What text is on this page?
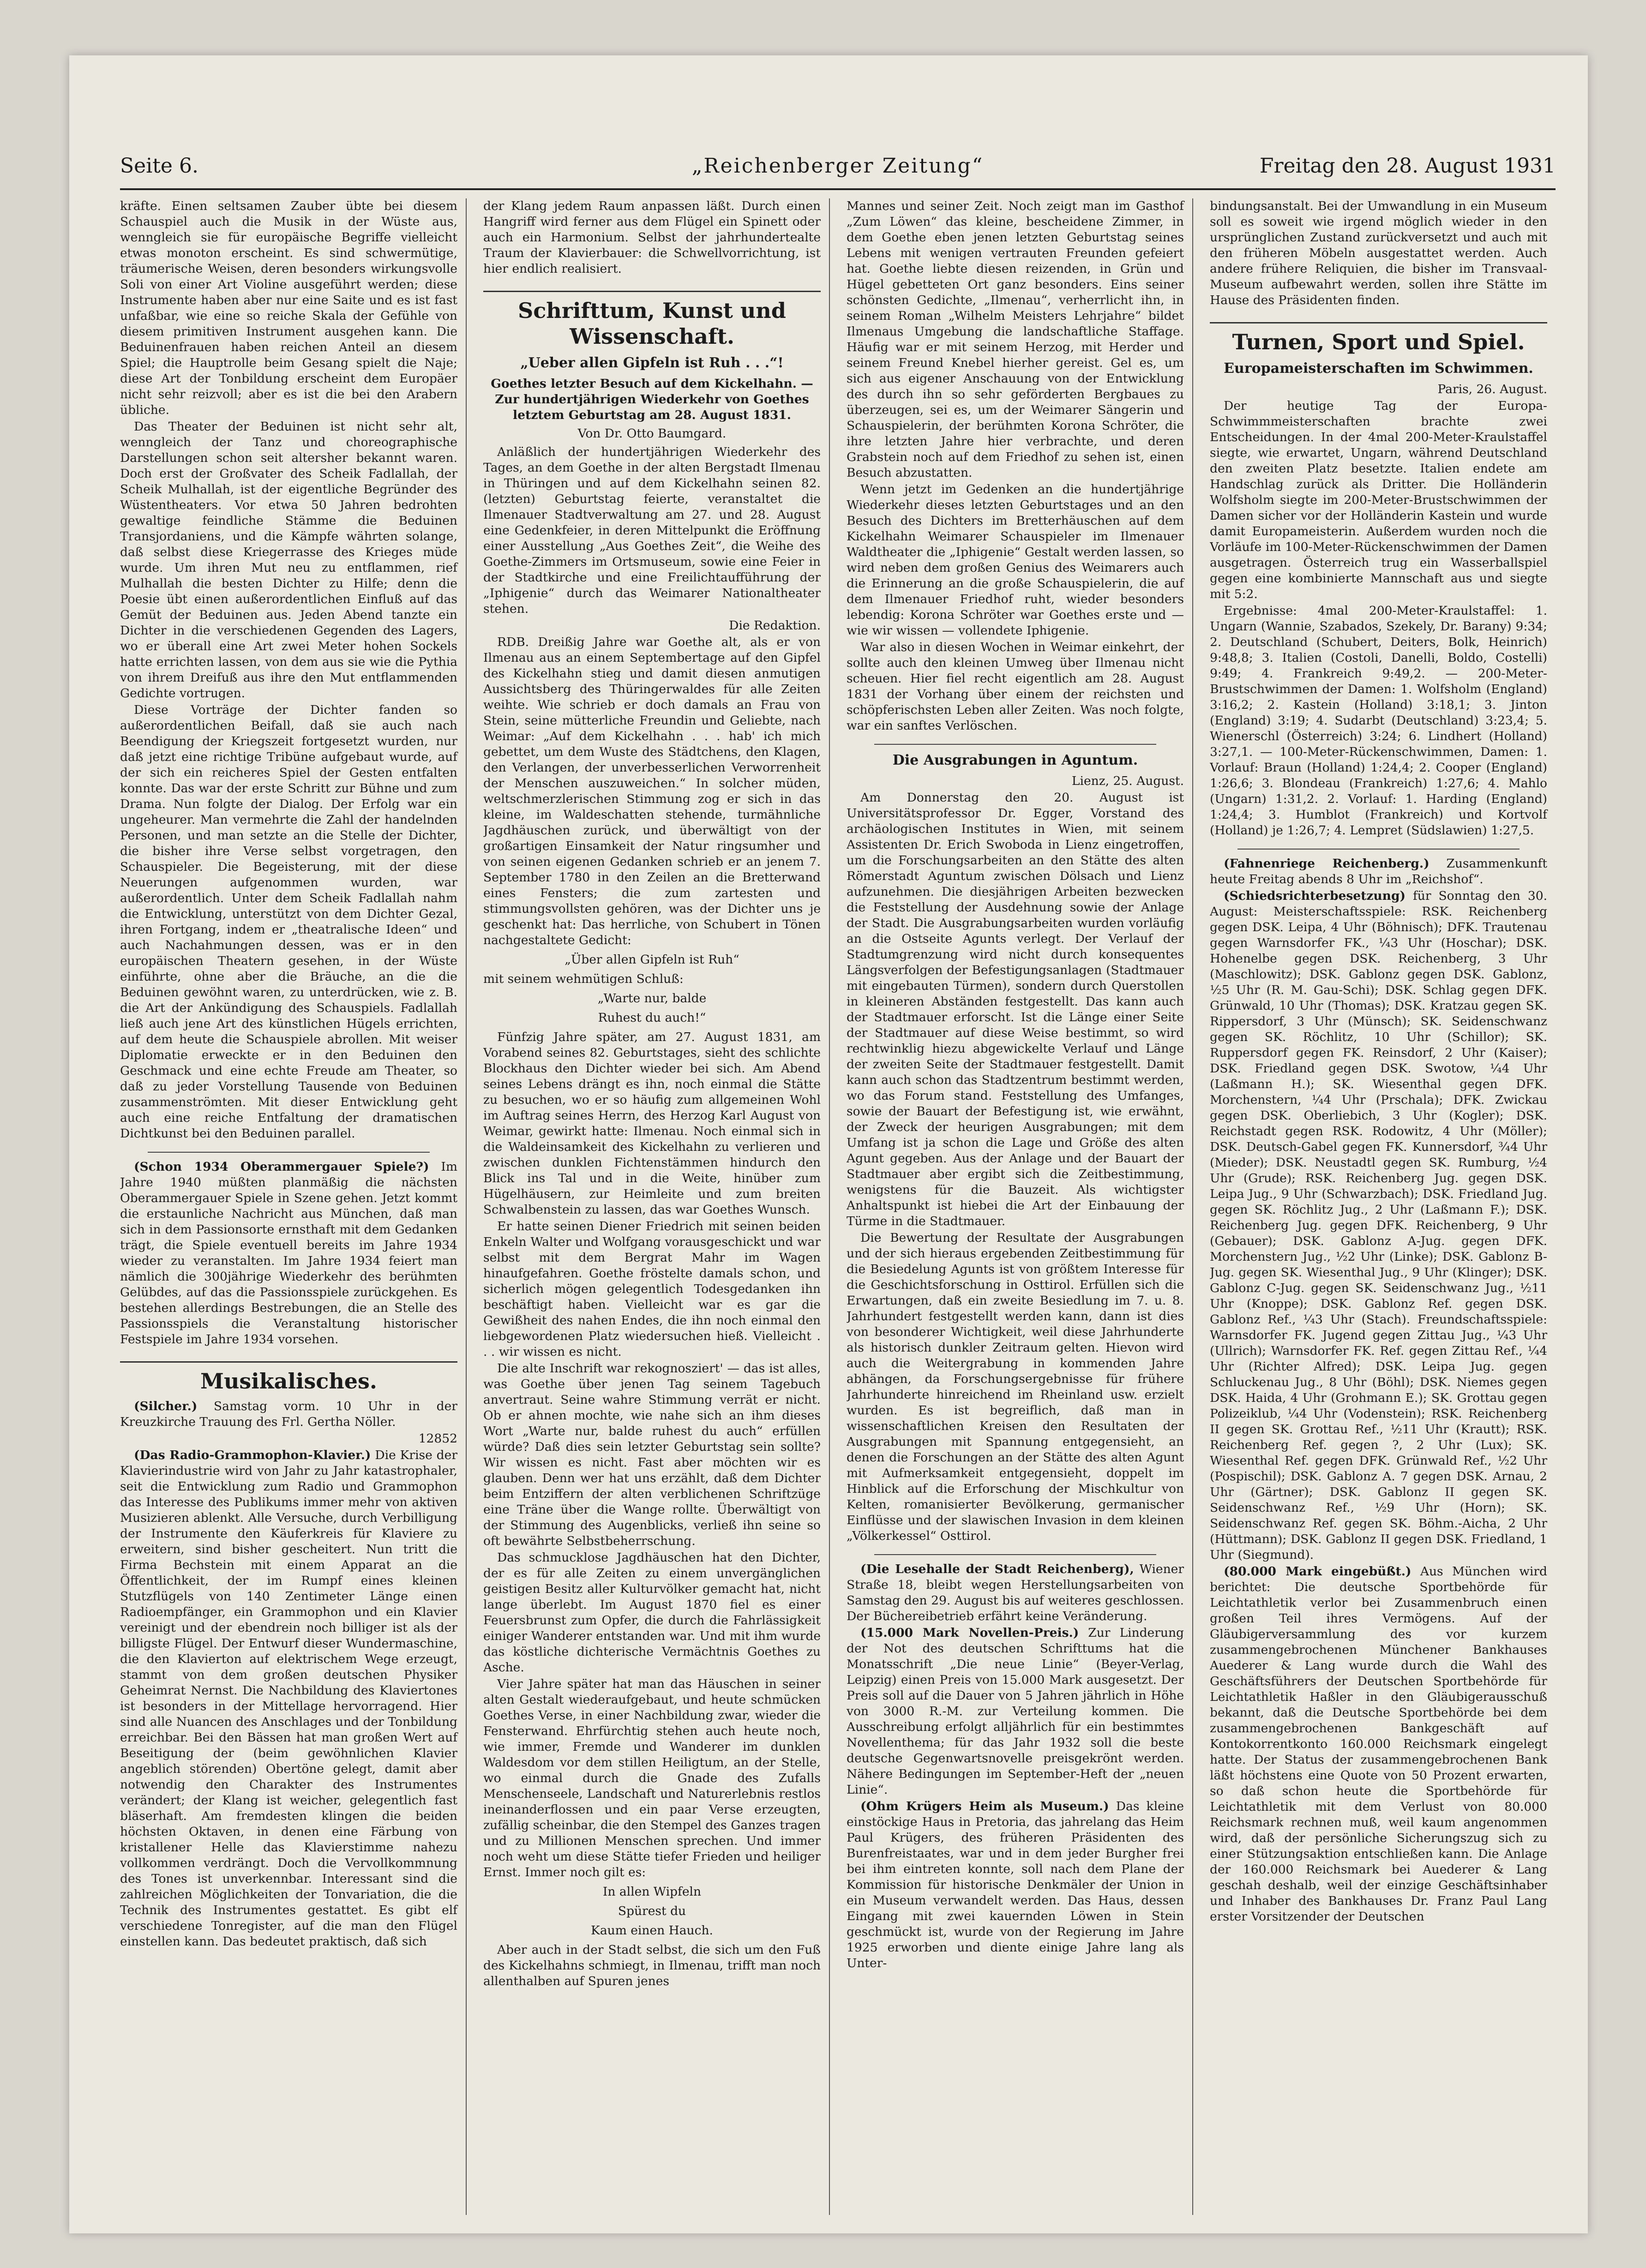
Seite 6.	„Reichenberger Zeitung“	Freitag den 28. August 1931

kräfte. Einen seltsamen Zauber übte bei diesem Schauspiel auch die Musik in der Wüste aus, wenngleich sie für europäische Begriffe vielleicht etwas monoton erscheint. Es sind schwermütige, träumerische Weisen, deren besonders wirkungsvolle Soli von einer Art Violine ausgeführt werden; diese Instrumente haben aber nur eine Saite und es ist fast unfaßbar, wie eine so reiche Skala der Gefühle von diesem primitiven Instrument ausgehen kann. Die Beduinenfrauen haben reichen Anteil an diesem Spiel; die Hauptrolle beim Gesang spielt die Naje; diese Art der Tonbildung erscheint dem Europäer nicht sehr reizvoll; aber es ist die bei den Arabern übliche.

Das Theater der Beduinen ist nicht sehr alt, wenngleich der Tanz und choreographische Darstellungen schon seit altersher bekannt waren. Doch erst der Großvater des Scheik Fadlallah, der Scheik Mulhallah, ist der eigentliche Begründer des Wüstentheaters. Vor etwa 50 Jahren bedrohten gewaltige feindliche Stämme die Beduinen Transjordaniens, und die Kämpfe währten solange, daß selbst diese Kriegerrasse des Krieges müde wurde. Um ihren Mut neu zu entflammen, rief Mulhallah die besten Dichter zu Hilfe; denn die Poesie übt einen außerordentlichen Einfluß auf das Gemüt der Beduinen aus. Jeden Abend tanzte ein Dichter in die verschiedenen Gegenden des Lagers, wo er überall eine Art zwei Meter hohen Sockels hatte errichten lassen, von dem aus sie wie die Pythia von ihrem Dreifuß aus ihre den Mut entflammenden Gedichte vortrugen.

Diese Vorträge der Dichter fanden so außerordentlichen Beifall, daß sie auch nach Beendigung der Kriegszeit fortgesetzt wurden, nur daß jetzt eine richtige Tribüne aufgebaut wurde, auf der sich ein reicheres Spiel der Gesten entfalten konnte. Das war der erste Schritt zur Bühne und zum Drama. Nun folgte der Dialog. Der Erfolg war ein ungeheurer. Man vermehrte die Zahl der handelnden Personen, und man setzte an die Stelle der Dichter, die bisher ihre Verse selbst vorgetragen, den Schauspieler. Die Begeisterung, mit der diese Neuerungen aufgenommen wurden, war außerordentlich. Unter dem Scheik Fadlallah nahm die Entwicklung, unterstützt von dem Dichter Gezal, ihren Fortgang, indem er „theatralische Ideen“ und auch Nachahmungen dessen, was er in den europäischen Theatern gesehen, in der Wüste einführte, ohne aber die Bräuche, an die die Beduinen gewöhnt waren, zu unterdrücken, wie z. B. die Art der Ankündigung des Schauspiels. Fadlallah ließ auch jene Art des künstlichen Hügels errichten, auf dem heute die Schauspiele abrollen. Mit weiser Diplomatie erweckte er in den Beduinen den Geschmack und eine echte Freude am Theater, so daß zu jeder Vorstellung Tausende von Beduinen zusammenströmten. Mit dieser Entwicklung geht auch eine reiche Entfaltung der dramatischen Dichtkunst bei den Beduinen parallel.

(Schon 1934 Oberammergauer Spiele?) Im Jahre 1940 müßten planmäßig die nächsten Oberammergauer Spiele in Szene gehen. Jetzt kommt die erstaunliche Nachricht aus München, daß man sich in dem Passionsorte ernsthaft mit dem Gedanken trägt, die Spiele eventuell bereits im Jahre 1934 wieder zu veranstalten. Im Jahre 1934 feiert man nämlich die 300jährige Wiederkehr des berühmten Gelübdes, auf das die Passionsspiele zurückgehen. Es bestehen allerdings Bestrebungen, die an Stelle des Passionsspiels die Veranstaltung historischer Festspiele im Jahre 1934 vorsehen.

Musikalisches.

(Silcher.) Samstag vorm. 10 Uhr in der Kreuzkirche Trauung des Frl. Gertha Nöller.

12852

(Das Radio-Grammophon-Klavier.) Die Krise der Klavierindustrie wird von Jahr zu Jahr katastrophaler, seit die Entwicklung zum Radio und Grammophon das Interesse des Publikums immer mehr von aktiven Musizieren ablenkt. Alle Versuche, durch Verbilligung der Instrumente den Käuferkreis für Klaviere zu erweitern, sind bisher gescheitert. Nun tritt die Firma Bechstein mit einem Apparat an die Öffentlichkeit, der im Rumpf eines kleinen Stutzflügels von 140 Zentimeter Länge einen Radioempfänger, ein Grammophon und ein Klavier vereinigt und der ebendrein noch billiger ist als der billigste Flügel. Der Entwurf dieser Wundermaschine, die den Klavierton auf elektrischem Wege erzeugt, stammt von dem großen deutschen Physiker Geheimrat Nernst. Die Nachbildung des Klaviertones ist besonders in der Mittellage hervorragend. Hier sind alle Nuancen des Anschlages und der Tonbildung erreichbar. Bei den Bässen hat man großen Wert auf Beseitigung der (beim gewöhnlichen Klavier angeblich störenden) Obertöne gelegt, damit aber notwendig den Charakter des Instrumentes verändert; der Klang ist weicher, gelegentlich fast bläserhaft. Am fremdesten klingen die beiden höchsten Oktaven, in denen eine Färbung von kristallener Helle das Klavierstimme nahezu vollkommen verdrängt. Doch die Vervollkommnung des Tones ist unverkennbar. Interessant sind die zahlreichen Möglichkeiten der Tonvariation, die die Technik des Instrumentes gestattet. Es gibt elf verschiedene Tonregister, auf die man den Flügel einstellen kann. Das bedeutet praktisch, daß sich

der Klang jedem Raum anpassen läßt. Durch einen Hangriff wird ferner aus dem Flügel ein Spinett oder auch ein Harmonium. Selbst der jahrhundertealte Traum der Klavierbauer: die Schwellvorrichtung, ist hier endlich realisiert.

Schrifttum, Kunst und Wissenschaft.
„Ueber allen Gipfeln ist Ruh . . .“!

Goethes letzter Besuch auf dem Kickelhahn. — Zur hundertjährigen Wiederkehr von Goethes letztem Geburtstag am 28. August 1831.

Von Dr. Otto Baumgard.

Anläßlich der hundertjährigen Wiederkehr des Tages, an dem Goethe in der alten Bergstadt Ilmenau in Thüringen und auf dem Kickelhahn seinen 82. (letzten) Geburtstag feierte, veranstaltet die Ilmenauer Stadtverwaltung am 27. und 28. August eine Gedenkfeier, in deren Mittelpunkt die Eröffnung einer Ausstellung „Aus Goethes Zeit“, die Weihe des Goethe-Zimmers im Ortsmuseum, sowie eine Feier in der Stadtkirche und eine Freilichtaufführung der „Iphigenie“ durch das Weimarer Nationaltheater stehen.

Die Redaktion.

RDB. Dreißig Jahre war Goethe alt, als er von Ilmenau aus an einem Septembertage auf den Gipfel des Kickelhahn stieg und damit diesen anmutigen Aussichtsberg des Thüringerwaldes für alle Zeiten weihte. Wie schrieb er doch damals an Frau von Stein, seine mütterliche Freundin und Geliebte, nach Weimar: „Auf dem Kickelhahn . . . hab' ich mich gebettet, um dem Wuste des Städtchens, den Klagen, den Verlangen, der unverbesserlichen Verworrenheit der Menschen auszuweichen.“ In solcher müden, weltschmerzlerischen Stimmung zog er sich in das kleine, im Waldeschatten stehende, turmähnliche Jagdhäuschen zurück, und überwältigt von der großartigen Einsamkeit der Natur ringsumher und von seinen eigenen Gedanken schrieb er an jenem 7. September 1780 in den Zeilen an die Bretterwand eines Fensters; die zum zartesten und stimmungsvollsten gehören, was der Dichter uns je geschenkt hat: Das herrliche, von Schubert in Tönen nachgestaltete Gedicht:

„Über allen Gipfeln ist Ruh“

mit seinem wehmütigen Schluß:

„Warte nur, balde

Ruhest du auch!“

Fünfzig Jahre später, am 27. August 1831, am Vorabend seines 82. Geburtstages, sieht des schlichte Blockhaus den Dichter wieder bei sich. Am Abend seines Lebens drängt es ihn, noch einmal die Stätte zu besuchen, wo er so häufig zum allgemeinen Wohl im Auftrag seines Herrn, des Herzog Karl August von Weimar, gewirkt hatte: Ilmenau. Noch einmal sich in die Waldeinsamkeit des Kickelhahn zu verlieren und zwischen dunklen Fichtenstämmen hindurch den Blick ins Tal und in die Weite, hinüber zum Hügelhäusern, zur Heimleite und zum breiten Schwalbenstein zu lassen, das war Goethes Wunsch.

Er hatte seinen Diener Friedrich mit seinen beiden Enkeln Walter und Wolfgang vorausgeschickt und war selbst mit dem Bergrat Mahr im Wagen hinaufgefahren. Goethe fröstelte damals schon, und sicherlich mögen gelegentlich Todesgedanken ihn beschäftigt haben. Vielleicht war es gar die Gewißheit des nahen Endes, die ihn noch einmal den liebgewordenen Platz wiedersuchen hieß. Vielleicht . . . wir wissen es nicht.

Die alte Inschrift war rekognosziert' — das ist alles, was Goethe über jenen Tag seinem Tagebuch anvertraut. Seine wahre Stimmung verrät er nicht. Ob er ahnen mochte, wie nahe sich an ihm dieses Wort „Warte nur, balde ruhest du auch“ erfüllen würde? Daß dies sein letzter Geburtstag sein sollte? Wir wissen es nicht. Fast aber möchten wir es glauben. Denn wer hat uns erzählt, daß dem Dichter beim Entziffern der alten verblichenen Schriftzüge eine Träne über die Wange rollte. Überwältigt von der Stimmung des Augenblicks, verließ ihn seine so oft bewährte Selbstbeherrschung.

Das schmucklose Jagdhäuschen hat den Dichter, der es für alle Zeiten zu einem unvergänglichen geistigen Besitz aller Kulturvölker gemacht hat, nicht lange überlebt. Im August 1870 fiel es einer Feuersbrunst zum Opfer, die durch die Fahrlässigkeit einiger Wanderer entstanden war. Und mit ihm wurde das köstliche dichterische Vermächtnis Goethes zu Asche.

Vier Jahre später hat man das Häuschen in seiner alten Gestalt wiederaufgebaut, und heute schmücken Goethes Verse, in einer Nachbildung zwar, wieder die Fensterwand. Ehrfürchtig stehen auch heute noch, wie immer, Fremde und Wanderer im dunklen Waldesdom vor dem stillen Heiligtum, an der Stelle, wo einmal durch die Gnade des Zufalls Menschenseele, Landschaft und Naturerlebnis restlos ineinanderflossen und ein paar Verse erzeugten, zufällig scheinbar, die den Stempel des Ganzes tragen und zu Millionen Menschen sprechen. Und immer noch weht um diese Stätte tiefer Frieden und heiliger Ernst. Immer noch gilt es:

In allen Wipfeln

Spürest du

Kaum einen Hauch.

Aber auch in der Stadt selbst, die sich um den Fuß des Kickelhahns schmiegt, in Ilmenau, trifft man noch allenthalben auf Spuren jenes

Mannes und seiner Zeit. Noch zeigt man im Gasthof „Zum Löwen“ das kleine, bescheidene Zimmer, in dem Goethe eben jenen letzten Geburtstag seines Lebens mit wenigen vertrauten Freunden gefeiert hat. Goethe liebte diesen reizenden, in Grün und Hügel gebetteten Ort ganz besonders. Eins seiner schönsten Gedichte, „Ilmenau“, verherrlicht ihn, in seinem Roman „Wilhelm Meisters Lehrjahre“ bildet Ilmenaus Umgebung die landschaftliche Staffage. Häufig war er mit seinem Herzog, mit Herder und seinem Freund Knebel hierher gereist. Gel es, um sich aus eigener Anschauung von der Entwicklung des durch ihn so sehr geförderten Bergbaues zu überzeugen, sei es, um der Weimarer Sängerin und Schauspielerin, der berühmten Korona Schröter, die ihre letzten Jahre hier verbrachte, und deren Grabstein noch auf dem Friedhof zu sehen ist, einen Besuch abzustatten.

Wenn jetzt im Gedenken an die hundertjährige Wiederkehr dieses letzten Geburtstages und an den Besuch des Dichters im Bretterhäuschen auf dem Kickelhahn Weimarer Schauspieler im Ilmenauer Waldtheater die „Iphigenie“ Gestalt werden lassen, so wird neben dem großen Genius des Weimarers auch die Erinnerung an die große Schauspielerin, die auf dem Ilmenauer Friedhof ruht, wieder besonders lebendig: Korona Schröter war Goethes erste und — wie wir wissen — vollendete Iphigenie.

War also in diesen Wochen in Weimar einkehrt, der sollte auch den kleinen Umweg über Ilmenau nicht scheuen. Hier fiel recht eigentlich am 28. August 1831 der Vorhang über einem der reichsten und schöpferischsten Leben aller Zeiten. Was noch folgte, war ein sanftes Verlöschen.

Die Ausgrabungen in Aguntum.

Lienz, 25. August.

Am Donnerstag den 20. August ist Universitätsprofessor Dr. Egger, Vorstand des archäologischen Institutes in Wien, mit seinem Assistenten Dr. Erich Swoboda in Lienz eingetroffen, um die Forschungsarbeiten an den Stätte des alten Römerstadt Aguntum zwischen Dölsach und Lienz aufzunehmen. Die diesjährigen Arbeiten bezwecken die Feststellung der Ausdehnung sowie der Anlage der Stadt. Die Ausgrabungsarbeiten wurden vorläufig an die Ostseite Agunts verlegt. Der Verlauf der Stadtumgrenzung wird nicht durch konsequentes Längsverfolgen der Befestigungsanlagen (Stadtmauer mit eingebauten Türmen), sondern durch Querstollen in kleineren Abständen festgestellt. Das kann auch der Stadtmauer erforscht. Ist die Länge einer Seite der Stadtmauer auf diese Weise bestimmt, so wird rechtwinklig hiezu abgewickelte Verlauf und Länge der zweiten Seite der Stadtmauer festgestellt. Damit kann auch schon das Stadtzentrum bestimmt werden, wo das Forum stand. Feststellung des Umfanges, sowie der Bauart der Befestigung ist, wie erwähnt, der Zweck der heurigen Ausgrabungen; mit dem Umfang ist ja schon die Lage und Größe des alten Agunt gegeben. Aus der Anlage und der Bauart der Stadtmauer aber ergibt sich die Zeitbestimmung, wenigstens für die Bauzeit. Als wichtigster Anhaltspunkt ist hiebei die Art der Einbauung der Türme in die Stadtmauer.

Die Bewertung der Resultate der Ausgrabungen und der sich hieraus ergebenden Zeitbestimmung für die Besiedelung Agunts ist von größtem Interesse für die Geschichtsforschung in Osttirol. Erfüllen sich die Erwartungen, daß ein zweite Besiedlung im 7. u. 8. Jahrhundert festgestellt werden kann, dann ist dies von besonderer Wichtigkeit, weil diese Jahrhunderte als historisch dunkler Zeitraum gelten. Hievon wird auch die Weitergrabung in kommenden Jahre abhängen, da Forschungsergebnisse für frühere Jahrhunderte hinreichend im Rheinland usw. erzielt wurden. Es ist begreiflich, daß man in wissenschaftlichen Kreisen den Resultaten der Ausgrabungen mit Spannung entgegensieht, an denen die Forschungen an der Stätte des alten Agunt mit Aufmerksamkeit entgegensieht, doppelt im Hinblick auf die Erforschung der Mischkultur von Kelten, romanisierter Bevölkerung, germanischer Einflüsse und der slawischen Invasion in dem kleinen „Völkerkessel“ Osttirol.

(Die Lesehalle der Stadt Reichenberg), Wiener Straße 18, bleibt wegen Herstellungsarbeiten von Samstag den 29. August bis auf weiteres geschlossen. Der Büchereibetrieb erfährt keine Veränderung.

(15.000 Mark Novellen-Preis.) Zur Linderung der Not des deutschen Schrifttums hat die Monatsschrift „Die neue Linie“ (Beyer-Verlag, Leipzig) einen Preis von 15.000 Mark ausgesetzt. Der Preis soll auf die Dauer von 5 Jahren jährlich in Höhe von 3000 R.-M. zur Verteilung kommen. Die Ausschreibung erfolgt alljährlich für ein bestimmtes Novellenthema; für das Jahr 1932 soll die beste deutsche Gegenwartsnovelle preisgekrönt werden. Nähere Bedingungen im September-Heft der „neuen Linie“.

(Ohm Krügers Heim als Museum.) Das kleine einstöckige Haus in Pretoria, das jahrelang das Heim Paul Krügers, des früheren Präsidenten des Burenfreistaates, war und in dem jeder Burgher frei bei ihm eintreten konnte, soll nach dem Plane der Kommission für historische Denkmäler der Union in ein Museum verwandelt werden. Das Haus, dessen Eingang mit zwei kauernden Löwen in Stein geschmückt ist, wurde von der Regierung im Jahre 1925 erworben und diente einige Jahre lang als Unter-

bindungsanstalt. Bei der Umwandlung in ein Museum soll es soweit wie irgend möglich wieder in den ursprünglichen Zustand zurückversetzt und auch mit den früheren Möbeln ausgestattet werden. Auch andere frühere Reliquien, die bisher im Transvaal-Museum aufbewahrt werden, sollen ihre Stätte im Hause des Präsidenten finden.

Turnen, Sport und Spiel.
Europameisterschaften im Schwimmen.

Paris, 26. August.

Der heutige Tag der Europa-Schwimmmeisterschaften brachte zwei Entscheidungen. In der 4mal 200-Meter-Kraulstaffel siegte, wie erwartet, Ungarn, während Deutschland den zweiten Platz besetzte. Italien endete am Handschlag zurück als Dritter. Die Holländerin Wolfsholm siegte im 200-Meter-Brustschwimmen der Damen sicher vor der Holländerin Kastein und wurde damit Europameisterin. Außerdem wurden noch die Vorläufe im 100-Meter-Rückenschwimmen der Damen ausgetragen. Österreich trug ein Wasserballspiel gegen eine kombinierte Mannschaft aus und siegte mit 5:2.

Ergebnisse: 4mal 200-Meter-Kraulstaffel: 1. Ungarn (Wannie, Szabados, Szekely, Dr. Barany) 9:34; 2. Deutschland (Schubert, Deiters, Bolk, Heinrich) 9:48,8; 3. Italien (Costoli, Danelli, Boldo, Costelli) 9:49; 4. Frankreich 9:49,2. — 200-Meter-Brustschwimmen der Damen: 1. Wolfsholm (England) 3:16,2; 2. Kastein (Holland) 3:18,1; 3. Jinton (England) 3:19; 4. Sudarbt (Deutschland) 3:23,4; 5. Wienerschl (Österreich) 3:24; 6. Lindhert (Holland) 3:27,1. — 100-Meter-Rückenschwimmen, Damen: 1. Vorlauf: Braun (Holland) 1:24,4; 2. Cooper (England) 1:26,6; 3. Blondeau (Frankreich) 1:27,6; 4. Mahlo (Ungarn) 1:31,2. 2. Vorlauf: 1. Harding (England) 1:24,4; 3. Humblot (Frankreich) und Kortvolf (Holland) je 1:26,7; 4. Lempret (Südslawien) 1:27,5.

(Fahnenriege Reichenberg.) Zusammenkunft heute Freitag abends 8 Uhr im „Reichshof“.

(Schiedsrichterbesetzung) für Sonntag den 30. August: Meisterschaftsspiele: RSK. Reichenberg gegen DSK. Leipa, 4 Uhr (Böhnisch); DFK. Trautenau gegen Warnsdorfer FK., ¼3 Uhr (Hoschar); DSK. Hohenelbe gegen DSK. Reichenberg, 3 Uhr (Maschlowitz); DSK. Gablonz gegen DSK. Gablonz, ½5 Uhr (R. M. Gau-Schi); DSK. Schlag gegen DFK. Grünwald, 10 Uhr (Thomas); DSK. Kratzau gegen SK. Rippersdorf, 3 Uhr (Münsch); SK. Seidenschwanz gegen SK. Röchlitz, 10 Uhr (Schillor); SK. Ruppersdorf gegen FK. Reinsdorf, 2 Uhr (Kaiser); DSK. Friedland gegen DSK. Swotow, ¼4 Uhr (Laßmann H.); SK. Wiesenthal gegen DFK. Morchenstern, ¼4 Uhr (Prschala); DFK. Zwickau gegen DSK. Oberliebich, 3 Uhr (Kogler); DSK. Reichstadt gegen RSK. Rodowitz, 4 Uhr (Möller); DSK. Deutsch-Gabel gegen FK. Kunnersdorf, ¾4 Uhr (Mieder); DSK. Neustadtl gegen SK. Rumburg, ½4 Uhr (Grude); RSK. Reichenberg Jug. gegen DSK. Leipa Jug., 9 Uhr (Schwarzbach); DSK. Friedland Jug. gegen SK. Röchlitz Jug., 2 Uhr (Laßmann F.); DSK. Reichenberg Jug. gegen DFK. Reichenberg, 9 Uhr (Gebauer); DSK. Gablonz A-Jug. gegen DFK. Morchenstern Jug., ½2 Uhr (Linke); DSK. Gablonz B-Jug. gegen SK. Wiesenthal Jug., 9 Uhr (Klinger); DSK. Gablonz C-Jug. gegen SK. Seidenschwanz Jug., ½11 Uhr (Knoppe); DSK. Gablonz Ref. gegen DSK. Gablonz Ref., ¼3 Uhr (Stach). Freundschaftsspiele: Warnsdorfer FK. Jugend gegen Zittau Jug., ¼3 Uhr (Ullrich); Warnsdorfer FK. Ref. gegen Zittau Ref., ¼4 Uhr (Richter Alfred); DSK. Leipa Jug. gegen Schluckenau Jug., 8 Uhr (Böhl); DSK. Niemes gegen DSK. Haida, 4 Uhr (Grohmann E.); SK. Grottau gegen Polizeiklub, ¼4 Uhr (Vodenstein); RSK. Reichenberg II gegen SK. Grottau Ref., ½11 Uhr (Krautt); RSK. Reichenberg Ref. gegen ?, 2 Uhr (Lux); SK. Wiesenthal Ref. gegen DFK. Grünwald Ref., ½2 Uhr (Pospischil); DSK. Gablonz A. 7 gegen DSK. Arnau, 2 Uhr (Gärtner); DSK. Gablonz II gegen SK. Seidenschwanz Ref., ½9 Uhr (Horn); SK. Seidenschwanz Ref. gegen SK. Böhm.-Aicha, 2 Uhr (Hüttmann); DSK. Gablonz II gegen DSK. Friedland, 1 Uhr (Siegmund).

(80.000 Mark eingebüßt.) Aus München wird berichtet: Die deutsche Sportbehörde für Leichtathletik verlor bei Zusammenbruch einen großen Teil ihres Vermögens. Auf der Gläubigerversammlung des vor kurzem zusammengebrochenen Münchener Bankhauses Auederer & Lang wurde durch die Wahl des Geschäftsführers der Deutschen Sportbehörde für Leichtathletik Haßler in den Gläubigerausschuß bekannt, daß die Deutsche Sportbehörde bei dem zusammengebrochenen Bankgeschäft auf Kontokorrentkonto 160.000 Reichsmark eingelegt hatte. Der Status der zusammengebrochenen Bank läßt höchstens eine Quote von 50 Prozent erwarten, so daß schon heute die Sportbehörde für Leichtathletik mit dem Verlust von 80.000 Reichsmark rechnen muß, weil kaum angenommen wird, daß der persönliche Sicherungszug sich zu einer Stützungsaktion entschließen kann. Die Anlage der 160.000 Reichsmark bei Auederer & Lang geschah deshalb, weil der einzige Geschäftsinhaber und Inhaber des Bankhauses Dr. Franz Paul Lang erster Vorsitzender der Deutschen
